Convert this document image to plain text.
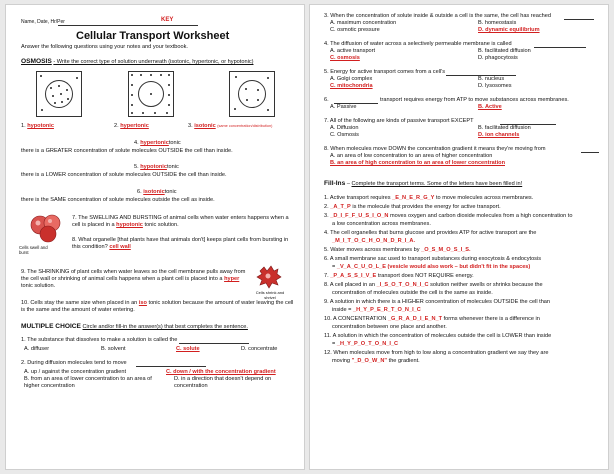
Name, Date, Hr/Per	KEY
Cellular Transport Worksheet
Answer the following questions using your notes and your textbook.
OSMOSIS - Write the correct type of solution underneath (isotonic, hypertonic, or hypotonic)
1. hypotonic	2. hypertonic	3. isotonic (same concentration/distribution)
4. hypertonictonic
there is a GREATER concentration of solute molecules OUTSIDE the cell than inside.
5. hypotonictonic
there is a LOWER concentration of solute molecules OUTSIDE the cell than inside.
6. isotonictonic
there is the SAME concentration of solute molecules outside the cell as inside.
Cells swell and burst
7. The SWELLING AND BURSTING of animal cells when water enters happens when a cell is placed in a hypotonic tonic solution.
8. What organelle [that plants have that animals don't] keeps plant cells from bursting in this condition? cell wall
Cells shrink and shrivel
9. The SHRINKING of plant cells when water leaves so the cell membrane pulls away from the cell wall or shrinking of animal cells happens when a plant cell is placed into a hyper tonic solution.
10. Cells stay the same size when placed in an iso tonic solution because the amount of water leaving the cell is the same and the amount of water entering.
MULTIPLE CHOICE Circle and/or fill-in the answer(s) that best completes the sentence.
1. The substance that dissolves to make a solution is called the
A. diffuser	B. solvent	C. solute	D. concentrate
2. During diffusion molecules tend to move
A. up / against the concentration gradient	C. down / with the concentration gradient
B. from an area of lower concentration to an area of higher concentration
D. in a direction that doesn't depend on concentration
3. When the concentration of solute inside & outside a cell is the same, the cell has reached
A. maximum concentration	B. homeostasis
C. osmotic pressure	D. dynamic equilibrium
4. The diffusion of water across a selectively permeable membrane is called
A. active transport	B. facilitated diffusion
C. osmosis	D. phagocytosis
5. Energy for active transport comes from a cell's
A. Golgi complex	B. nucleus
C. mitochondria	D. lysosomes
6.	transport requires energy from ATP to move substances across membranes.
A. Passive	B. Active
7. All of the following are kinds of passive transport EXCEPT
A. Diffusion	B. facilitated diffusion
C. Osmosis	D. ion channels
8. When molecules move DOWN the concentration gradient it means they're moving from
A. an area of low concentration to an area of higher concentration
B. an area of high concentration to an area of lower concentration
Fill-Ins – Complete the transport terms. Some of the letters have been filled in!
1. Active transport requires _E_N_E_R_G_Y to move molecules across membranes.
2. _A_T_P is the molecule that provides the energy for active transport.
3. _D_I_F_F_U_S_I_O_N moves oxygen and carbon dioxide molecules from a high concentration to
a low concentration across membranes.
4. The cell organelles that burns glucose and provides ATP for active transport are the
_M_I_T_O_C_H_O_N_D_R_I_A.
5. Water moves across membranes by _O_S_M_O_S_I_S.
6. A small membrane sac used to transport substances during exocytosis & endocytosis
= _V_A_C_U_O_L_E (vesicle would also work – but didn't fit in the spaces)
7. _P_A_S_S_I_V_E transport does NOT REQUIRE energy.
8. A cell placed in an _I_S_O_T_O_N_I_C solution neither swells or shrinks because the
concentration of molecules outside the cell is the same as inside.
9. A solution in which there is a HIGHER concentration of molecules OUTSIDE the cell than
inside = _H_Y_P_E_R_T_O_N_I_C
10. A CONCENTRATION _G_R_A_D_I_E_N_T forms whenever there is a difference in
concentration between one place and another.
11. A solution in which the concentration of molecules outside the cell is LOWER than inside
= _H_Y_P_O_T_O_N_I_C
12. When molecules move from high to low along a concentration gradient we say they are
moving "_D_O_W_N" the gradient.
